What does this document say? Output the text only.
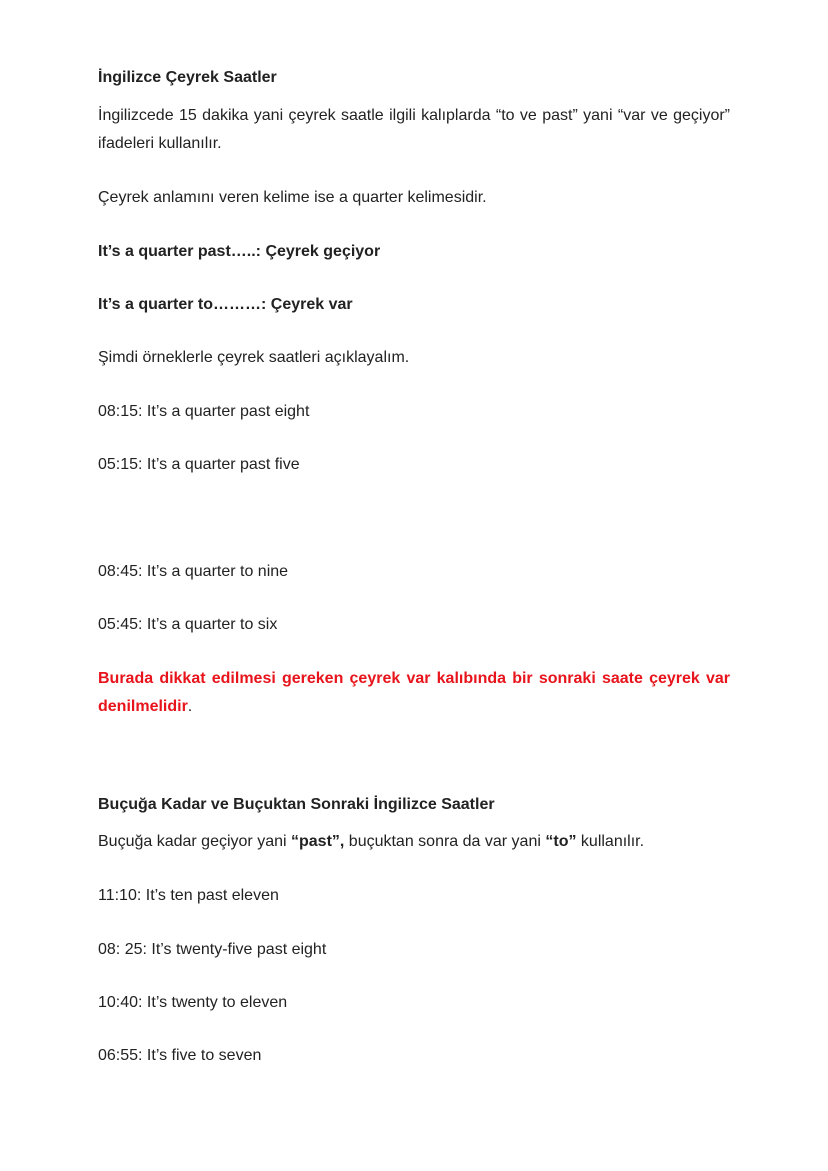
İngilizce Çeyrek Saatler
İngilizcede 15 dakika yani çeyrek saatle ilgili kalıplarda “to ve past” yani “var ve geçiyor” ifadeleri kullanılır.
Çeyrek anlamını veren kelime ise a quarter kelimesidir.
It’s a quarter past…..: Çeyrek geçiyor
It’s a quarter to………: Çeyrek var
Şimdi örneklerle çeyrek saatleri açıklayalım.
08:15: It’s a quarter past eight
05:15: It’s a quarter past five
08:45: It’s a quarter to nine
05:45: It’s a quarter to six
Burada dikkat edilmesi gereken çeyrek var kalıbında bir sonraki saate çeyrek var denilmelidir.
Buçuğa Kadar ve Buçuktan Sonraki İngilizce Saatler
Buçuğa kadar geçiyor yani “past”, buçuktan sonra da var yani “to” kullanılır.
11:10: It’s ten past eleven
08: 25: It’s twenty-five past eight
10:40: It’s twenty to eleven
06:55: It’s five to seven
